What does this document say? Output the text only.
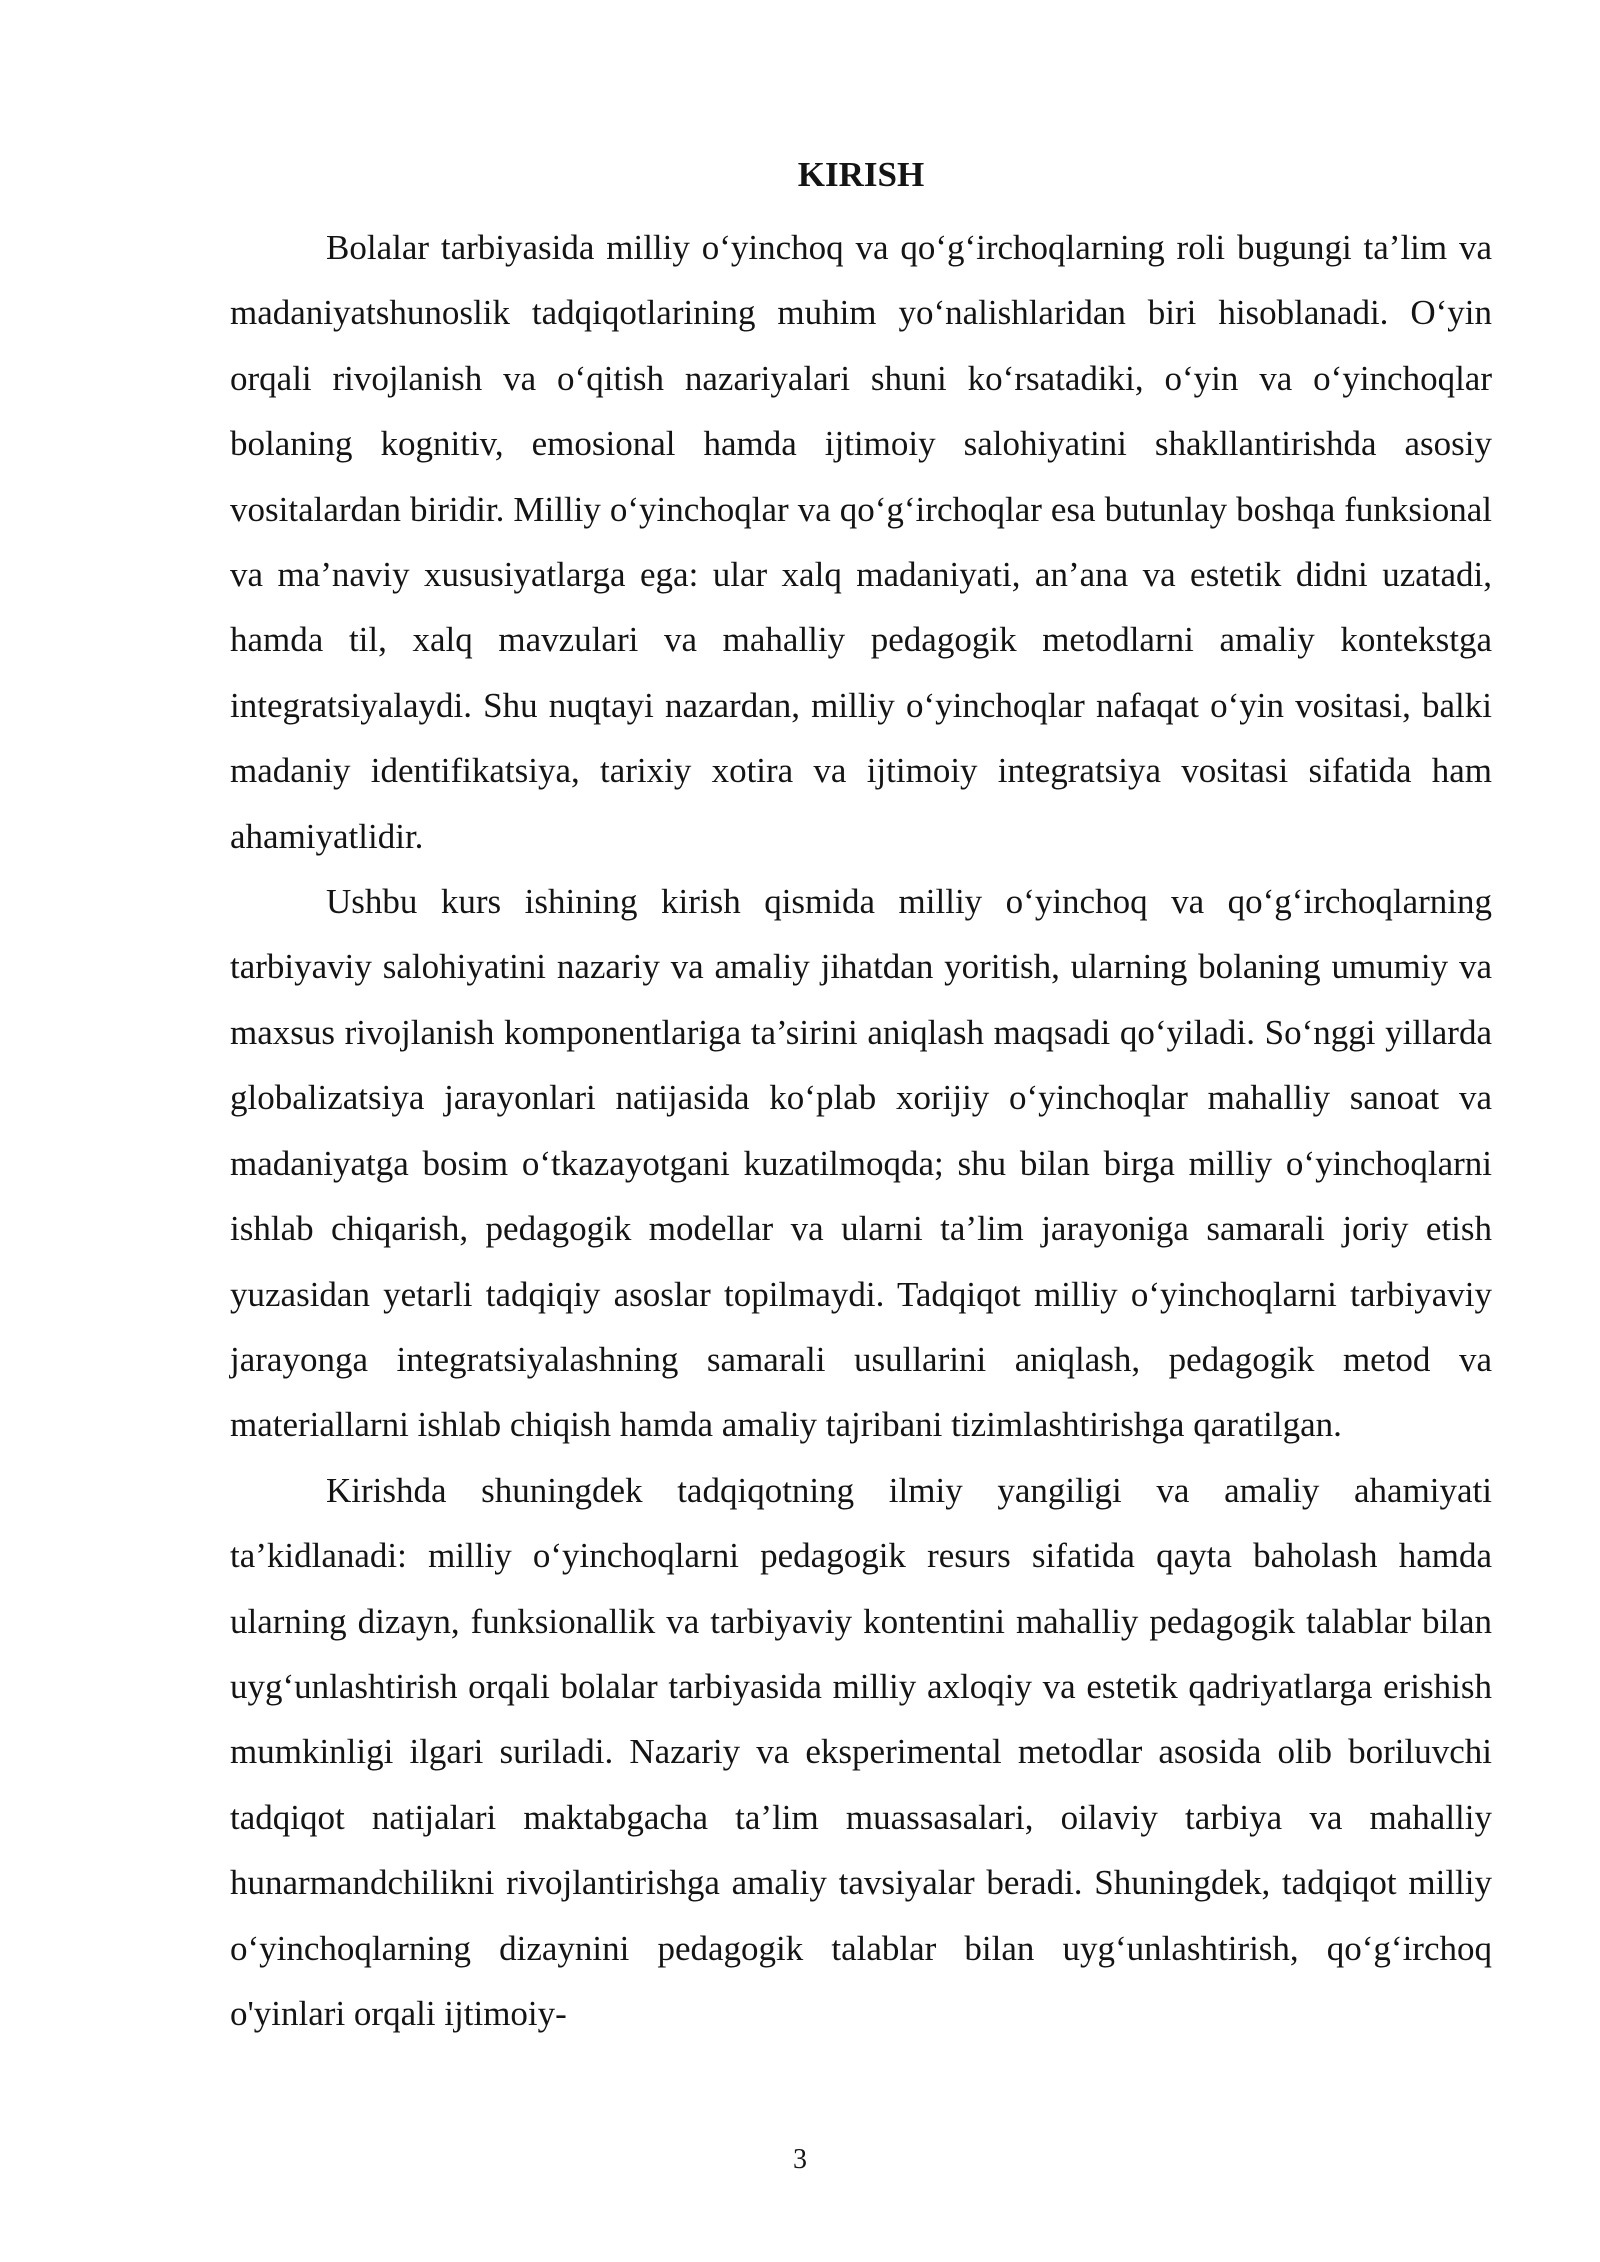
KIRISH

Bolalar tarbiyasida milliy o‘yinchoq va qo‘g‘irchoqlarning roli bugungi ta’lim va madaniyatshunoslik tadqiqotlarining muhim yo‘nalishlaridan biri hisoblanadi. O‘yin orqali rivojlanish va o‘qitish nazariyalari shuni ko‘rsatadiki, o‘yin va o‘yinchoqlar bolaning kognitiv, emosional hamda ijtimoiy salohiyatini shakllantirishda asosiy vositalardan biridir. Milliy o‘yinchoqlar va qo‘g‘irchoqlar esa butunlay boshqa funksional va ma’naviy xususiyatlarga ega: ular xalq madaniyati, an’ana va estetik didni uzatadi, hamda til, xalq mavzulari va mahalliy pedagogik metodlarni amaliy kontekstga integratsiyalaydi. Shu nuqtayi nazardan, milliy o‘yinchoqlar nafaqat o‘yin vositasi, balki madaniy identifikatsiya, tarixiy xotira va ijtimoiy integratsiya vositasi sifatida ham ahamiyatlidir.

Ushbu kurs ishining kirish qismida milliy o‘yinchoq va qo‘g‘irchoqlarning tarbiyaviy salohiyatini nazariy va amaliy jihatdan yoritish, ularning bolaning umumiy va maxsus rivojlanish komponentlariga ta’sirini aniqlash maqsadi qo‘yiladi. So‘nggi yillarda globalizatsiya jarayonlari natijasida ko‘plab xorijiy o‘yinchoqlar mahalliy sanoat va madaniyatga bosim o‘tkazayotgani kuzatilmoqda; shu bilan birga milliy o‘yinchoqlarni ishlab chiqarish, pedagogik modellar va ularni ta’lim jarayoniga samarali joriy etish yuzasidan yetarli tadqiqiy asoslar topilmaydi. Tadqiqot milliy o‘yinchoqlarni tarbiyaviy jarayonga integratsiyalashning samarali usullarini aniqlash, pedagogik metod va materiallarni ishlab chiqish hamda amaliy tajribani tizimlashtirishga qaratilgan.

Kirishda shuningdek tadqiqotning ilmiy yangiligi va amaliy ahamiyati ta’kidlanadi: milliy o‘yinchoqlarni pedagogik resurs sifatida qayta baholash hamda ularning dizayn, funksionallik va tarbiyaviy kontentini mahalliy pedagogik talablar bilan uyg‘unlashtirish orqali bolalar tarbiyasida milliy axloqiy va estetik qadriyatlarga erishish mumkinligi ilgari suriladi. Nazariy va eksperimental metodlar asosida olib boriluvchi tadqiqot natijalari maktabgacha ta’lim muassasalari, oilaviy tarbiya va mahalliy hunarmandchilikni rivojlantirishga amaliy tavsiyalar beradi. Shuningdek, tadqiqot milliy o‘yinchoqlarning dizaynini pedagogik talablar bilan uyg‘unlashtirish, qo‘g‘irchoq o'yinlari orqali ijtimoiy-

3
